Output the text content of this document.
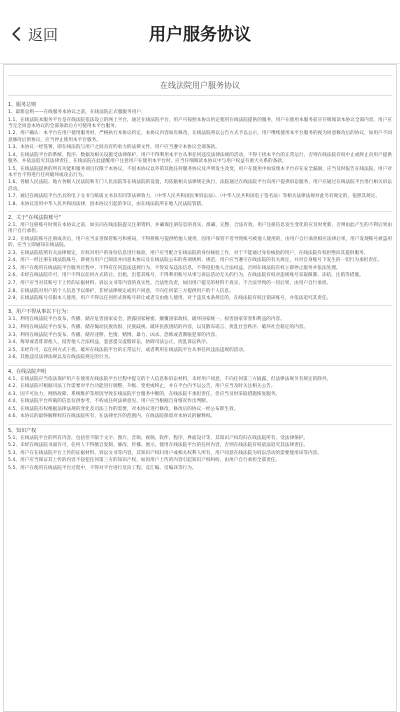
返回	用户服务协议
在线法院用户服务协议
1、服务总则
1、最新总则——在线服务本协议之前，在线法院正式服服务用户：
1.1、在线法院本服务平台是在线法院依法设立的网上平台，通过在线法院平台，用户可按照本协议约定使用在线法院提供的服务，用户在使用本服务前应仔细阅读本协议全部内容，用户应当完全同意本协议的全部条款后方可使用本平台服务。
1.2、用户确认：本平台在用户使用服务时，严格执行本协议约定，本协议内容如有修改，在线法院将以公告方式予以公示，用户继续使用本平台服务的视为同意修改后的协议，如用户不同意修改后的协议，应当停止使用本平台服务。
1.3、本协议一经签署，即在线法院与用户之间具有约束力的法律文件，用户应当遵守本协议全部条款。
1.4、在线法院平台的系统、程序、数据及相关设施受法律保护，用户不得利用本平台从事任何违反法律法规的活动，不得干扰本平台的正常运行，否则在线法院有权中止或终止向用户提供服务，并依法追究其法律责任，在线法院在此提醒用户注意用户在使用本平台时，应当仔细阅读本协议中与用户权益有重大关系的条款。
1.5、在线法院提供的所有功能和服务项目仅限于本协议，不因本协议以外的其他任何服务协议及声明发生改变，用户在使用中如发现本平台存在安全漏洞，应当及时报告在线法院，用户对本平台不得进行任何破坏或攻击行为。
1.6、各级人民法院、地方各级人民法院和专门人民法院等在线法院的设置，均依据相关法律规定执行，法院通过在线法院平台向用户提供诉讼服务，用户应通过在线法院平台进行相关诉讼活动。
1.7、通过在线法院平台出具的电子文书与纸质文书具有同等法律效力，（中华人民共和国民事诉讼法）、（中华人民共和国电子签名法）等相关法律法规对此另有规定的，依照其规定。
1.8、本协议适用中华人民共和国法律，因本协议引起的争议，由在线法院所在地人民法院管辖。
2、关于"在线法院账号"
2.1、用户注册账号时须在本协议之前，如实向在线法院提交注册资料，并确保注册信息的真实、准确、完整、合法有效，用户注册信息发生变化的应及时更新，否则由此产生的不利后果由用户自行承担。
2.2、在线法院账号注册成功后，用户应当妥善保管账号和密码，不得将账号提供给他人使用，因用户保管不善导致账号被他人使用的，由用户自行承担相应法律后果，用户发现账号被盗用的，应当立即通知在线法院。
2.3、在线法院依照有关法律规定，有权对用户的身份信息进行核验，用户应当配合在线法院的身份核验工作，对于不能通过身份核验的用户，在线法院有权拒绝向其提供服务。
2.4、用户一经注册在线法院账号，即视为用户已阅读并同意本协议及在线法院公布的各项规则、规范，用户应当遵守在线法院的有关规定，并对自身账号下发生的一切行为承担责任。
2.5、用户在使用在线法院平台服务过程中，不得有任何违法违规行为，不得发布违法信息，不得侵犯他人合法权益，否则在线法院有权立即停止服务并依法处理。
2.6、未经在线法院许可，用户不得以任何方式转让、出租、出借其账号，不得利用账号从事与诉讼活动无关的行为，在线法院有权对违规账号采取限制、冻结、注销等措施。
2.7、用户应当对其账号下上传的证据材料、诉讼文书等内容的真实性、合法性负责，如因用户提交的材料不真实、不合法导致的一切后果，由用户自行承担。
2.8、在线法院对用户的个人信息予以保护，非经法律规定或用户同意，不向任何第三方提供用户的个人信息。
2.9、在线法院账号仅限本人使用，用户不得以任何形式将账号转让或者交由他人使用，对于违反本条规定的，在线法院有权注销该账号，并依法追究其责任。
3、用户不得从事以下行为：
3.1、利用在线法院平台发布、传播、储存危害国家安全、泄露国家秘密、颠覆国家政权、破坏国家统一、损害国家荣誉和利益的内容。
3.2、利用在线法院平台发布、传播、储存煽动民族仇恨、民族歧视、破坏民族团结的内容，以及散布谣言、扰乱社会秩序、破坏社会稳定的内容。
3.3、利用在线法院平台发布、传播、储存淫秽、色情、赌博、暴力、凶杀、恐怖或者教唆犯罪的内容。
3.4、侮辱或者诽谤他人，侵害他人合法权益，恶意提交虚假诉讼，妨碍司法公正，扰乱诉讼秩序。
3.5、未经许可，以任何方式干扰、破坏在线法院平台的正常运行，或者利用在线法院平台从事任何违法违规的活动。
3.6、其他违反法律法规以及在线法院规定的行为。
4、在线法院声明
4.1、在线法院应当依法保护用户在使用在线法院平台过程中提交的个人信息和诉讼材料，未经用户同意，不向任何第三方披露，但法律法规另有规定的除外。
4.2、在线法院可根据司法工作需要对平台功能进行调整、升级、变更或终止，并在平台内予以公告，用户应当及时关注相关公告。
4.3、因不可抗力、网络故障、系统维护等原因导致在线法院平台服务中断的，在线法院不承担责任，但应当及时采取措施恢复服务。
4.4、在线法院平台所载的信息仅供参考，不构成任何法律意见，用户应当根据自身情况作出判断。
4.5、在线法院有权根据法律法规的变化及司法工作的需要，对本协议进行修改，修改后的协议一经公布即生效。
4.6、本协议的最终解释权归在线法院所有，在法律允许的范围内，在线法院保留对本协议的解释权。
5、知识产权
5.1、在线法院平台的所有内容，包括但不限于文字、图片、音频、视频、软件、程序、界面设计等，其知识产权均归在线法院所有，受法律保护。
5.2、未经在线法院书面许可，任何人不得擅自复制、修改、传播、展示、使用在线法院平台的任何内容，否则在线法院有权依法追究其法律责任。
5.3、用户在在线法院平台上传的证据材料、诉讼文书等内容，其知识产权归用户或相关权利人所有，用户同意在线法院为诉讼活动的需要使用该等内容。
5.4、用户应当保证其上传的内容不侵犯任何第三方的知识产权，如因用户上传的内容引起知识产权纠纷，由用户自行承担全部责任。
5.5、用户在使用在线法院平台过程中，不得对平台进行反向工程、反汇编、反编译等行为。
